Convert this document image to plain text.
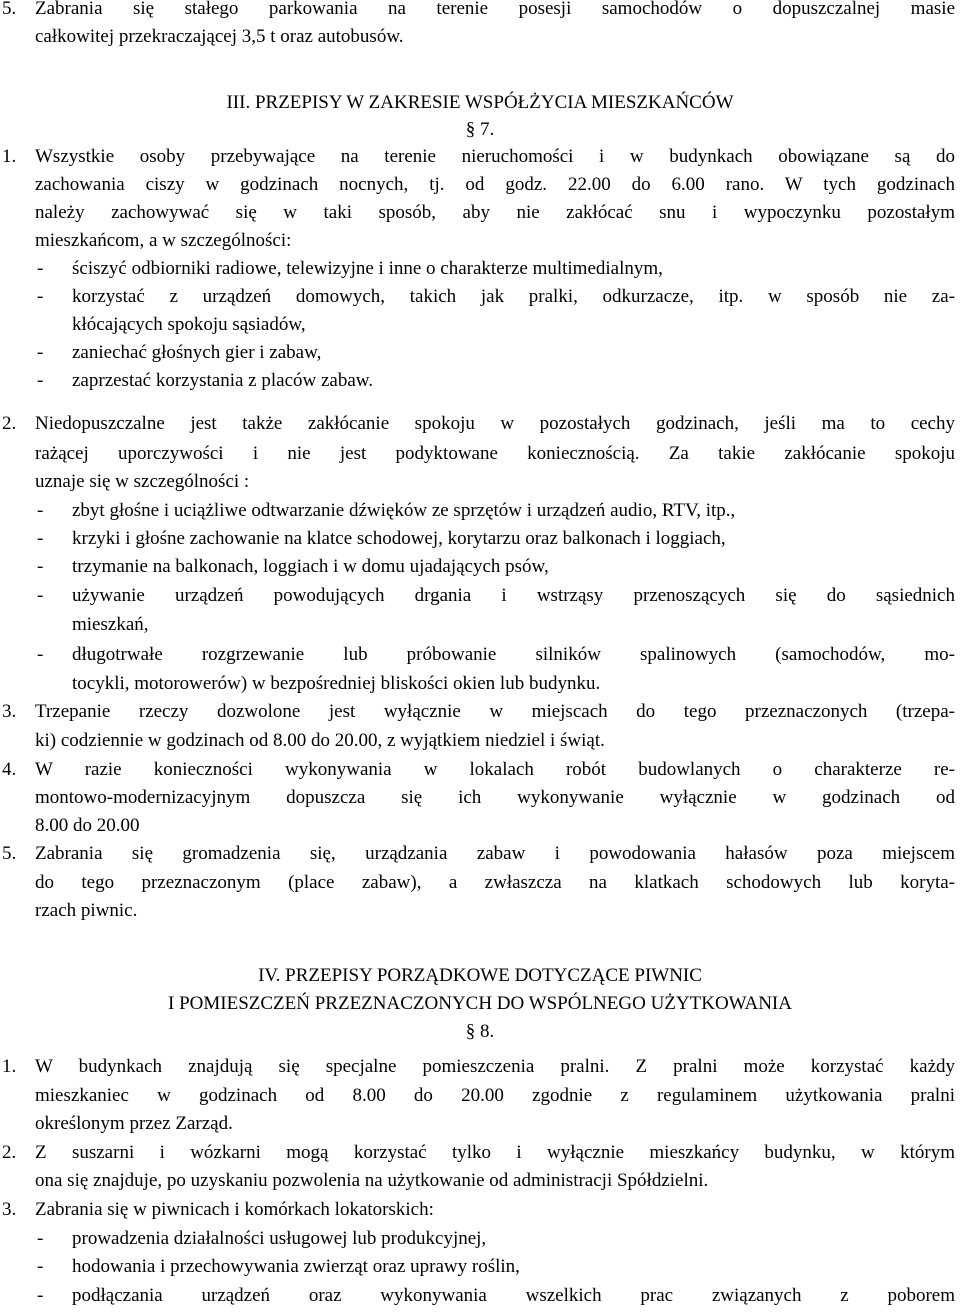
5. Zabrania się stałego parkowania na terenie posesji samochodów o dopuszczalnej masie
całkowitej przekraczającej 3,5 t oraz autobusów.
III. PRZEPISY W ZAKRESIE WSPÓŁŻYCIA MIESZKAŃCÓW
§ 7.
1. Wszystkie osoby przebywające na terenie nieruchomości i w budynkach obowiązane są do
zachowania ciszy w godzinach nocnych, tj. od godz. 22.00 do 6.00 rano. W tych godzinach
należy zachowywać się w taki sposób, aby nie zakłócać snu i wypoczynku pozostałym
mieszkańcom, a w szczególności:
- ściszyć odbiorniki radiowe, telewizyjne i inne o charakterze multimedialnym,
- korzystać z urządzeń domowych, takich jak pralki, odkurzacze, itp. w sposób nie za-
kłócających spokoju sąsiadów,
- zaniechać głośnych gier i zabaw,
- zaprzestać korzystania z placów zabaw.
2. Niedopuszczalne jest także zakłócanie spokoju w pozostałych godzinach, jeśli ma to cechy
rażącej uporczywości i nie jest podyktowane koniecznością. Za takie zakłócanie spokoju
uznaje się w szczególności :
- zbyt głośne i uciążliwe odtwarzanie dźwięków ze sprzętów i urządzeń audio, RTV, itp.,
- krzyki i głośne zachowanie na klatce schodowej, korytarzu oraz balkonach i loggiach,
- trzymanie na balkonach, loggiach i w domu ujadających psów,
- używanie urządzeń powodujących drgania i wstrząsy przenoszących się do sąsiednich
mieszkań,
- długotrwałe rozgrzewanie lub próbowanie silników spalinowych (samochodów, mo-
tocykli, motorowerów) w bezpośredniej bliskości okien lub budynku.
3. Trzepanie rzeczy dozwolone jest wyłącznie w miejscach do tego przeznaczonych (trzepa-
ki) codziennie w godzinach od 8.00 do 20.00, z wyjątkiem niedziel i świąt.
4. W razie konieczności wykonywania w lokalach robót budowlanych o charakterze re-
montowo-modernizacyjnym dopuszcza się ich wykonywanie wyłącznie w godzinach od
8.00 do 20.00
5. Zabrania się gromadzenia się, urządzania zabaw i powodowania hałasów poza miejscem
do tego przeznaczonym (place zabaw), a zwłaszcza na klatkach schodowych lub koryta-
rzach piwnic.
IV. PRZEPISY PORZĄDKOWE DOTYCZĄCE PIWNIC
I POMIESZCZEŃ PRZEZNACZONYCH DO WSPÓLNEGO UŻYTKOWANIA
§ 8.
1. W budynkach znajdują się specjalne pomieszczenia pralni. Z pralni może korzystać każdy
mieszkaniec w godzinach od 8.00 do 20.00 zgodnie z regulaminem użytkowania pralni
określonym przez Zarząd.
2. Z suszarni i wózkarni mogą korzystać tylko i wyłącznie mieszkańcy budynku, w którym
ona się znajduje, po uzyskaniu pozwolenia na użytkowanie od administracji Spółdzielni.
3. Zabrania się w piwnicach i komórkach lokatorskich:
- prowadzenia działalności usługowej lub produkcyjnej,
- hodowania i przechowywania zwierząt oraz uprawy roślin,
- podłączania urządzeń oraz wykonywania wszelkich prac związanych z poborem
